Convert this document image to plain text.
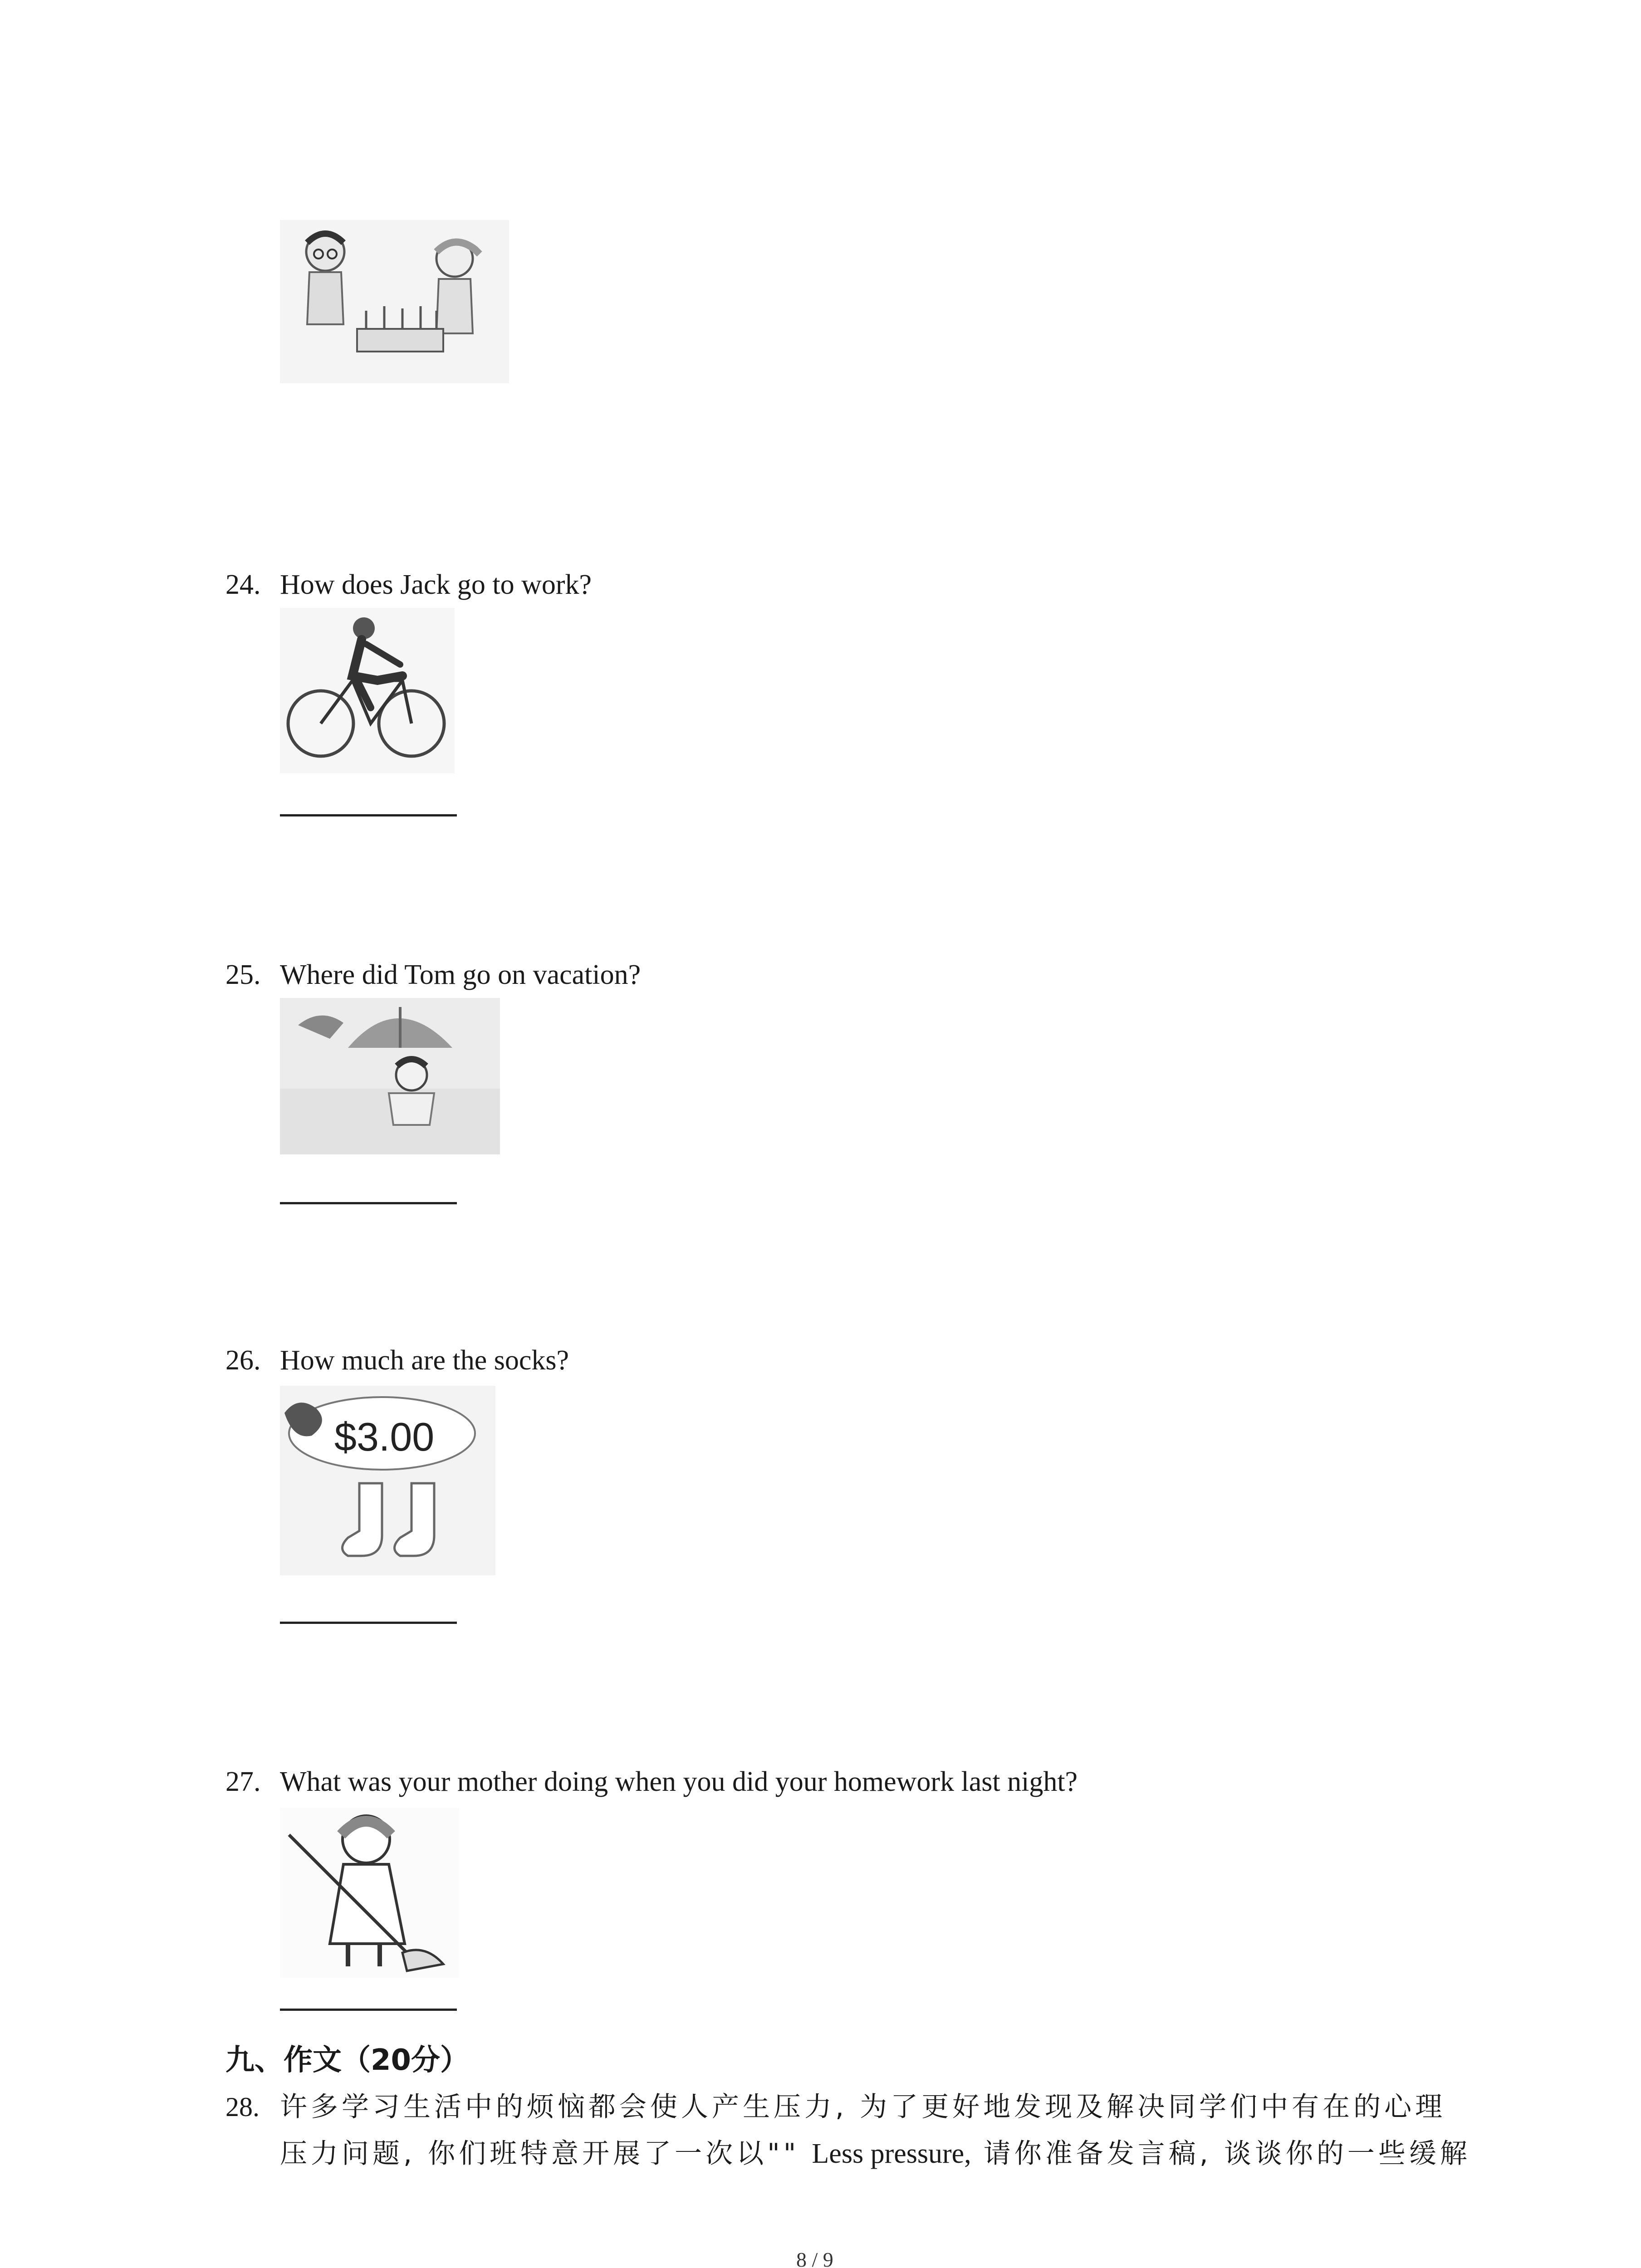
24. How does Jack go to work?
25. Where did Tom go on vacation?
26. How much are the socks?
$3.00
27. What was your mother doing when you did your homework last night?
九、作文（20分）
28. 许多学习生活中的烦恼都会使人产生压力, 为了更好地发现及解决同学们中有在的心理
压力问题, 你们班特意开展了一次以"" Less pressure, 请你准备发言稿, 谈谈你的一些缓解
8 / 9
